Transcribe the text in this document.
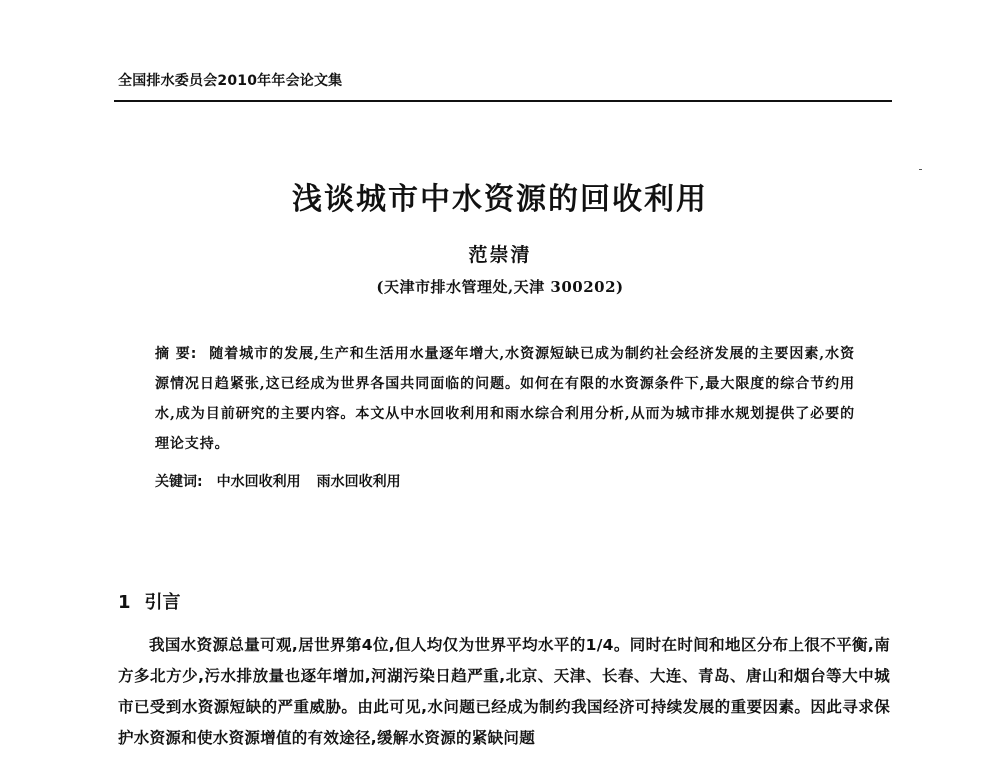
全国排水委员会2010年年会论文集
浅谈城市中水资源的回收利用
范崇清
(天津市排水管理处,天津 300202)
摘 要: 随着城市的发展,生产和生活用水量逐年增大,水资源短缺已成为制约社会经济发展的主要因素,水资源情况日趋紧张,这已经成为世界各国共同面临的问题。如何在有限的水资源条件下,最大限度的综合节约用水,成为目前研究的主要内容。本文从中水回收利用和雨水综合利用分析,从而为城市排水规划提供了必要的理论支持。
关键词: 中水回收利用 雨水回收利用
1 引言
我国水资源总量可观,居世界第4位,但人均仅为世界平均水平的1/4。同时在时间和地区分布上很不平衡,南方多北方少,污水排放量也逐年增加,河湖污染日趋严重,北京、天津、长春、大连、青岛、唐山和烟台等大中城市已受到水资源短缺的严重威胁。由此可见,水问题已经成为制约我国经济可持续发展的重要因素。因此寻求保护水资源和使水资源增值的有效途径,缓解水资源的紧缺问题
